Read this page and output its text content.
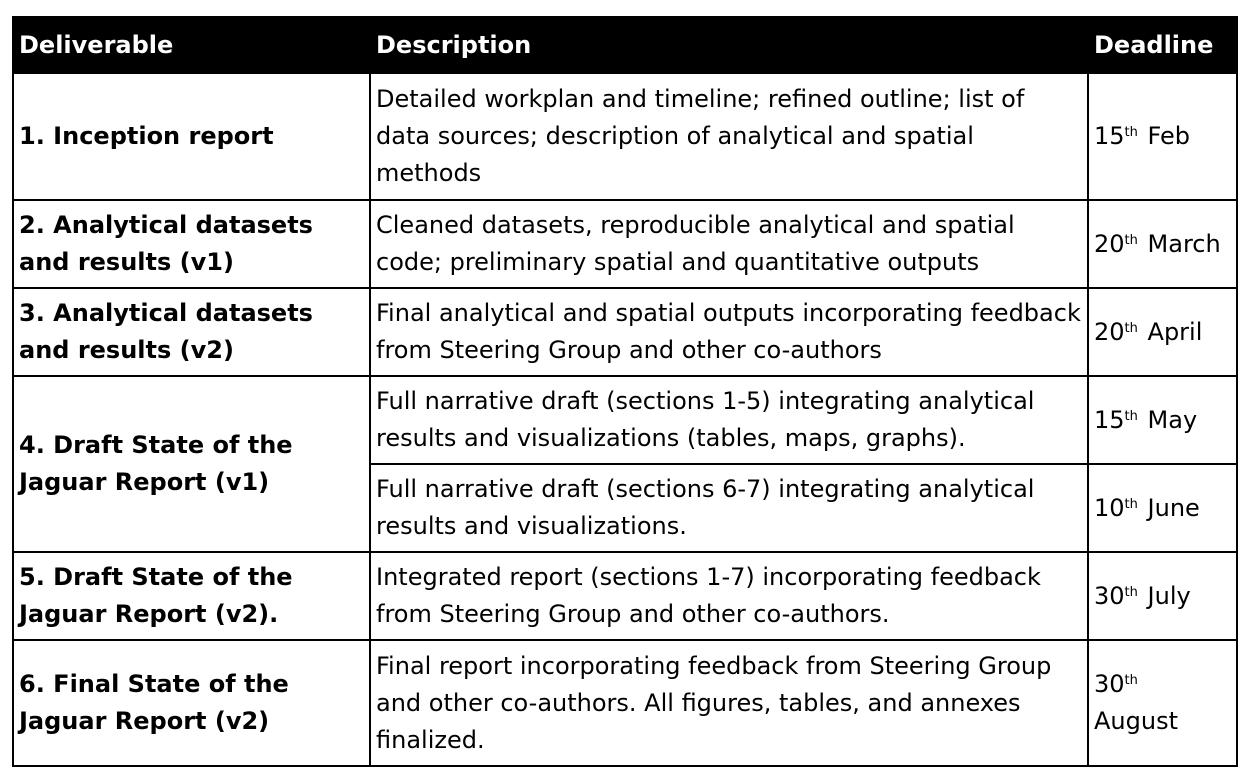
Deliverable	Description	Deadline
1. Inception report	Detailed workplan and timeline; refined outline; list of data sources; description of analytical and spatial methods	15th Feb
2. Analytical datasets and results (v1)	Cleaned datasets, reproducible analytical and spatial code; preliminary spatial and quantitative outputs	20th March
3. Analytical datasets and results (v2)	Final analytical and spatial outputs incorporating feedback from Steering Group and other co-authors	20th April
4. Draft State of the Jaguar Report (v1)	Full narrative draft (sections 1-5) integrating analytical results and visualizations (tables, maps, graphs).	15th May
	Full narrative draft (sections 6-7) integrating analytical results and visualizations.	10th June
5. Draft State of the Jaguar Report (v2).	Integrated report (sections 1-7) incorporating feedback from Steering Group and other co-authors.	30th July
6. Final State of the Jaguar Report (v2)	Final report incorporating feedback from Steering Group and other co-authors. All figures, tables, and annexes finalized.	30th August
